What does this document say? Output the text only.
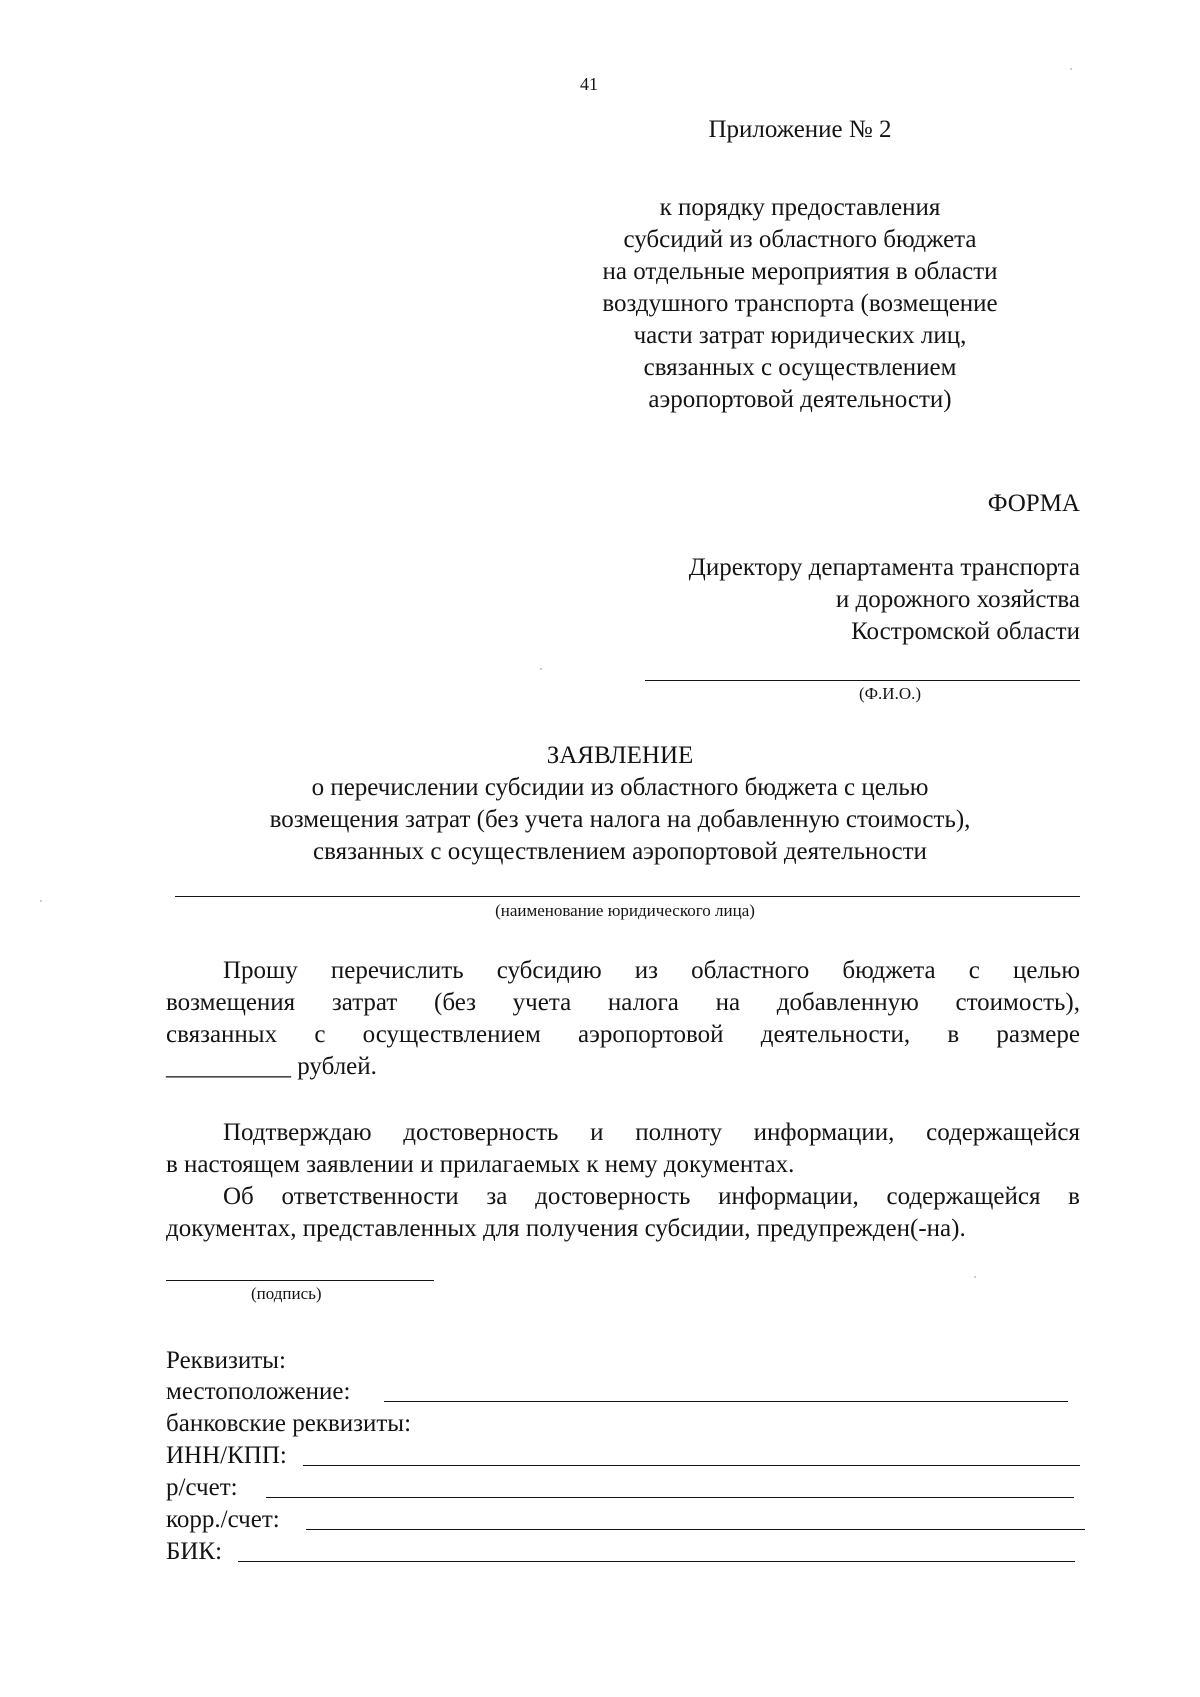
41
Приложение № 2
к порядку предоставления
субсидий из областного бюджета
на отдельные мероприятия в области
воздушного транспорта (возмещение
части затрат юридических лиц,
связанных с осуществлением
аэропортовой деятельности)
ФОРМА
Директору департамента транспорта
и дорожного хозяйства
Костромской области
(Ф.И.О.)
ЗАЯВЛЕНИЕ
о перечислении субсидии из областного бюджета с целью
возмещения затрат (без учета налога на добавленную стоимость),
связанных с осуществлением аэропортовой деятельности
(наименование юридического лица)
Прошу перечислить субсидию из областного бюджета с целью
возмещения затрат (без учета налога на добавленную стоимость),
связанных с осуществлением аэропортовой деятельности, в размере
__________ рублей.
Подтверждаю достоверность и полноту информации, содержащейся
в настоящем заявлении и прилагаемых к нему документах.
Об ответственности за достоверность информации, содержащейся в
документах, представленных для получения субсидии, предупрежден(-на).
(подпись)
Реквизиты:
местоположение:
банковские реквизиты:
ИНН/КПП:
р/счет:
корр./счет:
БИК:
